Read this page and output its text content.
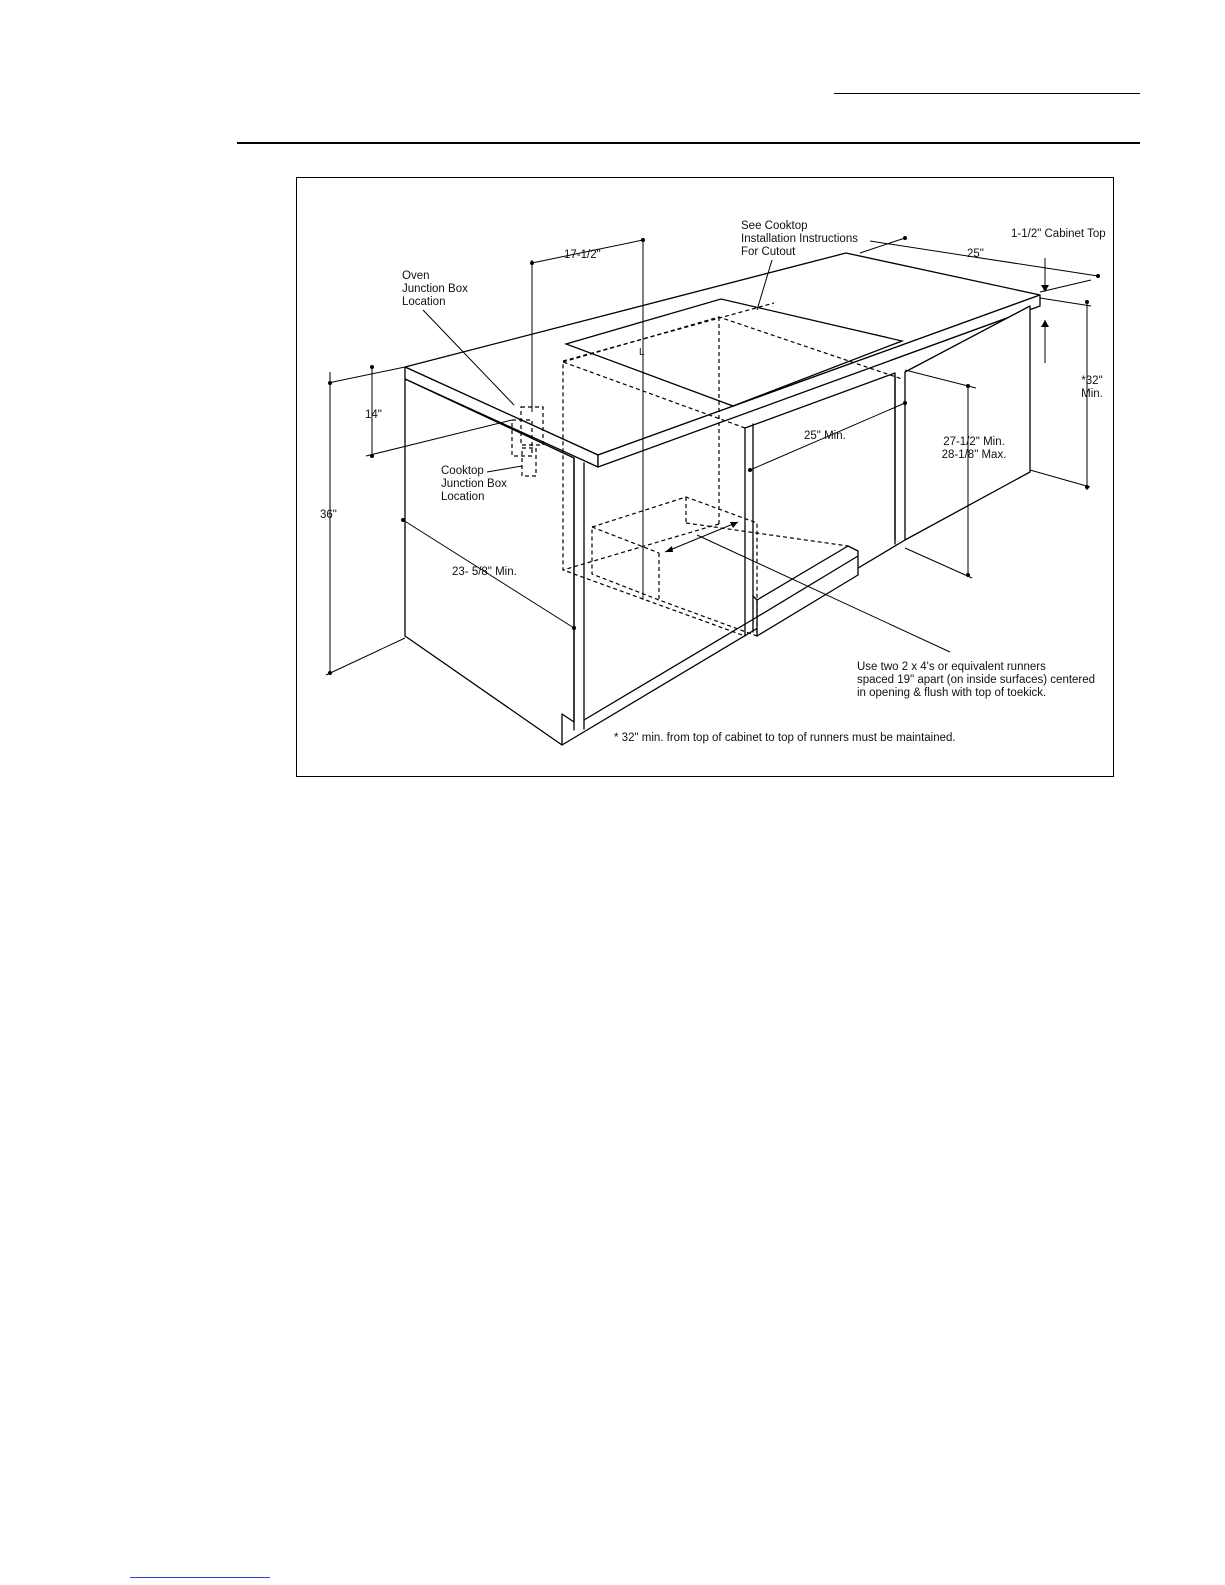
Oven
Junction Box
Location
Cooktop
Junction Box
Location
See Cooktop
Installation Instructions
For Cutout
1-1/2" Cabinet Top
17-1/2"	25"
14"
36"
*32"
Min.
25" Min.	27-1/2" Min.
28-1/8" Max.
23- 5/8" Min.
L
Use two 2 x 4's or equivalent runners
spaced 19" apart (on inside surfaces) centered
in opening & flush with top of toekick.
* 32" min. from top of cabinet to top of runners must be maintained.
